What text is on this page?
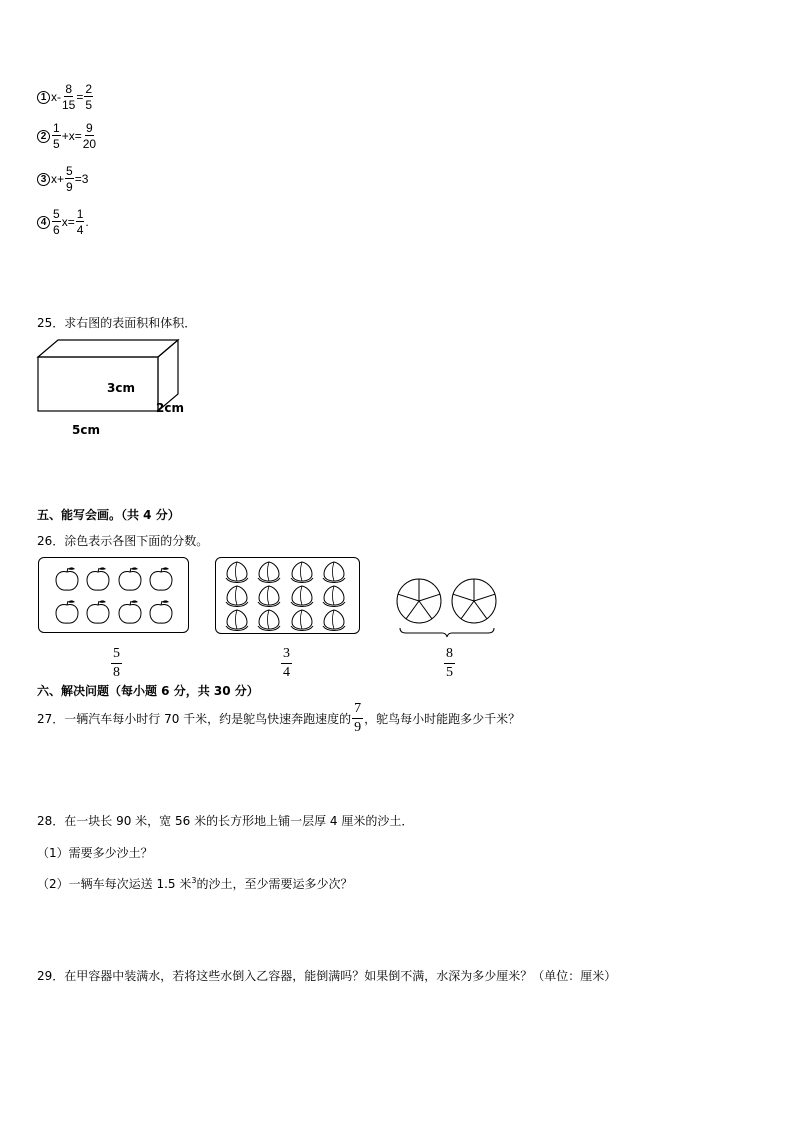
1 $x- \frac{8}{15} = \frac{2}{5}$
$2 \frac{1}{5} +x= \frac{9}{20}$
3 $x+ \frac{5}{9} =3$
$4 \frac{5}{6} x= \frac{1}{4}$ .
25．求右图的表面积和体积．
3cm
2cm
5cm
五、能写会画。（共 4 分）
26．涂色表示各图下面的分数。
$\frac{5}{8}$	$\frac{3}{4}$	$\frac{8}{5}$
六、解决问题（每小题 6 分，共 30 分）
27．一辆汽车每小时行 70 千米，约是鸵鸟快速奔跑速度的 $\frac{7}{9}$ ，鸵鸟每小时能跑多少千米？
28．在一块长 90 米，宽 56 米的长方形地上铺一层厚 4 厘米的沙土．
（1）需要多少沙土？
（2）一辆车每次运送 1.5 米$^3$的沙土，至少需要运多少次？
29．在甲容器中装满水，若将这些水倒入乙容器，能倒满吗？如果倒不满，水深为多少厘米？（单位：厘米）
